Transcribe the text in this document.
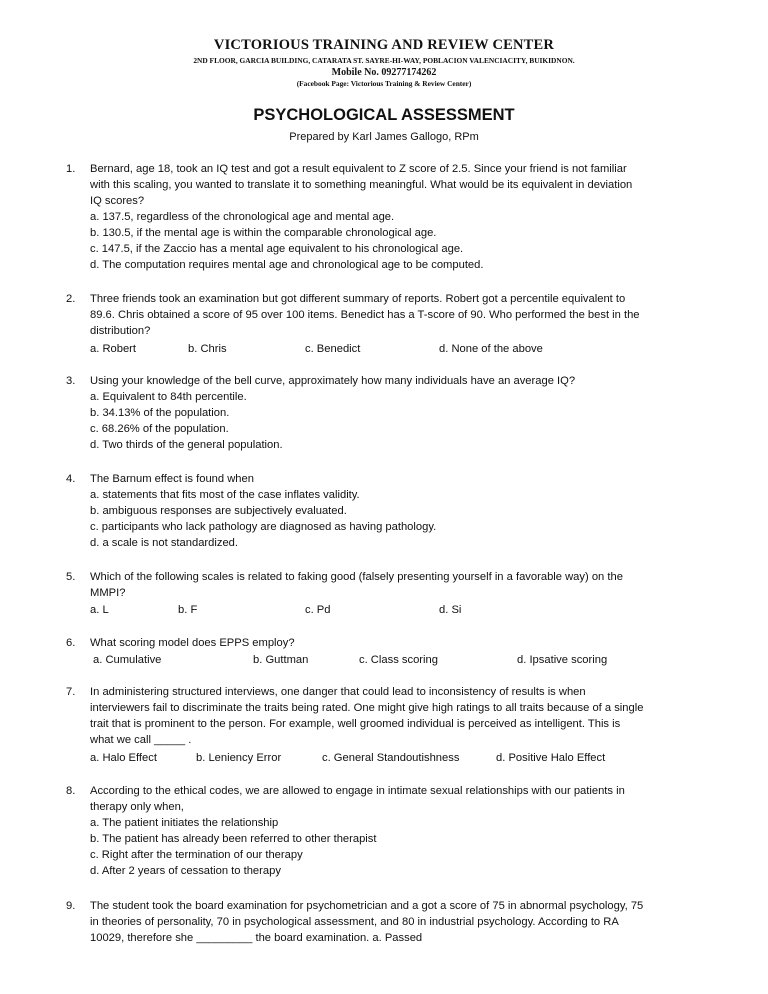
VICTORIOUS TRAINING AND REVIEW CENTER
2ND FLOOR, GARCIA BUILDING, CATARATA ST. SAYRE-HI-WAY, POBLACION VALENCIACITY, BUIKIDNON.
Mobile No. 09277174262
(Facebook Page: Victorious Training & Review Center)
PSYCHOLOGICAL ASSESSMENT
Prepared by Karl James Gallogo, RPm
1. Bernard, age 18, took an IQ test and got a result equivalent to Z score of 2.5. Since your friend is not familiar
with this scaling, you wanted to translate it to something meaningful. What would be its equivalent in deviation
IQ scores?
a. 137.5, regardless of the chronological age and mental age.
b. 130.5, if the mental age is within the comparable chronological age.
c. 147.5, if the Zaccio has a mental age equivalent to his chronological age.
d. The computation requires mental age and chronological age to be computed.
2. Three friends took an examination but got different summary of reports. Robert got a percentile equivalent to
89.6. Chris obtained a score of 95 over 100 items. Benedict has a T-score of 90. Who performed the best in the
distribution?
a. Robert	b. Chris	c. Benedict	d. None of the above
3. Using your knowledge of the bell curve, approximately how many individuals have an average IQ?
a. Equivalent to 84th percentile.
b. 34.13% of the population.
c. 68.26% of the population.
d. Two thirds of the general population.
4. The Barnum effect is found when
a. statements that fits most of the case inflates validity.
b. ambiguous responses are subjectively evaluated.
c. participants who lack pathology are diagnosed as having pathology.
d. a scale is not standardized.
5. Which of the following scales is related to faking good (falsely presenting yourself in a favorable way) on the
MMPI?
a. L	b. F	c. Pd	d. Si
6. What scoring model does EPPS employ?
a. Cumulative	b. Guttman	c. Class scoring	d. Ipsative scoring
7. In administering structured interviews, one danger that could lead to inconsistency of results is when
interviewers fail to discriminate the traits being rated. One might give high ratings to all traits because of a single
trait that is prominent to the person. For example, well groomed individual is perceived as intelligent. This is
what we call _____ .
a. Halo Effect	b. Leniency Error	c. General Standoutishness	d. Positive Halo Effect
8. According to the ethical codes, we are allowed to engage in intimate sexual relationships with our patients in
therapy only when,
a. The patient initiates the relationship
b. The patient has already been referred to other therapist
c. Right after the termination of our therapy
d. After 2 years of cessation to therapy
9. The student took the board examination for psychometrician and a got a score of 75 in abnormal psychology, 75
in theories of personality, 70 in psychological assessment, and 80 in industrial psychology. According to RA
10029, therefore she _________ the board examination. a. Passed
